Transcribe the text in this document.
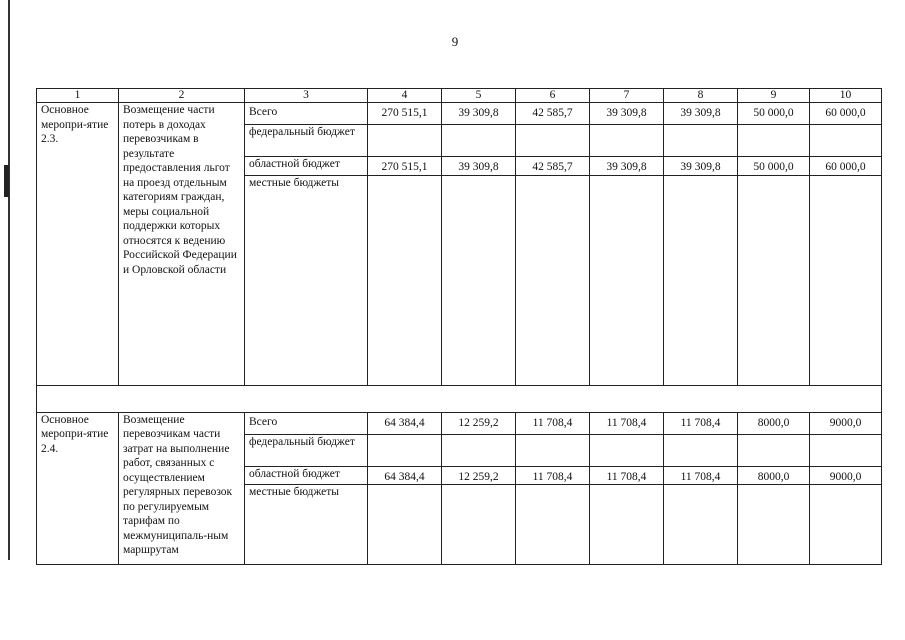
9
1	2	3	4	5	6	7	8	9	10
Основное меропри-ятие 2.3.	Возмещение части потерь в доходах перевозчикам в результате предоставления льгот на проезд отдельным категориям граждан, меры социальной поддержки которых относятся к ведению Российской Федерации и Орловской области	Всего	270 515,1	39 309,8	42 585,7	39 309,8	39 309,8	50 000,0	60 000,0
		федеральный бюджет							
		областной бюджет	270 515,1	39 309,8	42 585,7	39 309,8	39 309,8	50 000,0	60 000,0
		местные бюджеты							

Основное меропри-ятие 2.4.	Возмещение перевозчикам части затрат на выполнение работ, связанных с осуществлением регулярных перевозок по регулируемым тарифам по межмуниципаль-ным маршрутам	Всего	64 384,4	12 259,2	11 708,4	11 708,4	11 708,4	8000,0	9000,0
		федеральный бюджет							
		областной бюджет	64 384,4	12 259,2	11 708,4	11 708,4	11 708,4	8000,0	9000,0
		местные бюджеты							
